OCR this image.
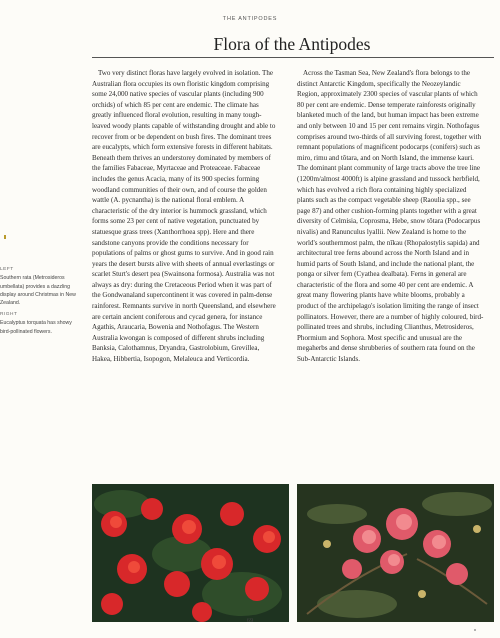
THE ANTIPODES
Flora of the Antipodes

Two very distinct floras have largely evolved in isolation. The Australian flora occupies its own floristic kingdom comprising some 24,000 native species of vascular plants (including 900 orchids) of which 85 per cent are endemic. The climate has greatly influenced floral evolution, resulting in many tough-leaved woody plants capable of withstanding drought and able to recover from or be dependent on bush fires. The dominant trees are eucalypts, which form extensive forests in different habitats. Beneath them thrives an understorey dominated by members of the families Fabaceae, Myrtaceae and Proteaceae. Fabaceae includes the genus Acacia, many of its 900 species forming woodland communities of their own, and of course the golden wattle (A. pycnantha) is the national floral emblem. A characteristic of the dry interior is hummock grassland, which forms some 23 per cent of native vegetation, punctuated by statuesque grass trees (Xanthorrhoea spp). Here and there sandstone canyons provide the conditions necessary for populations of palms or ghost gums to survive. And in good rain years the desert bursts alive with sheets of annual everlastings or scarlet Sturt's desert pea (Swainsona formosa). Australia was not always as dry: during the Cretaceous Period when it was part of the Gondwanaland supercontinent it was covered in palm-dense rainforest. Remnants survive in north Queensland, and elsewhere are certain ancient coniferous and cycad genera, for instance Agathis, Araucaria, Bowenia and Nothofagus. The Western Australia kwongan is composed of different shrubs including Banksia, Calothamnus, Dryandra, Gastrolobium, Grevillea, Hakea, Hibbertia, Isopogon, Melaleuca and Verticordia.

Across the Tasman Sea, New Zealand's flora belongs to the distinct Antarctic Kingdom, specifically the Neozeylandic Region, approximately 2300 species of vascular plants of which 80 per cent are endemic. Dense temperate rainforests originally blanketed much of the land, but human impact has been extreme and only between 10 and 15 per cent remains virgin. Nothofagus comprises around two-thirds of all surviving forest, together with remnant populations of magnificent podocarps (conifers) such as miro, rimu and tōtara, and on North Island, the immense kauri. The dominant plant community of large tracts above the tree line (1200m/almost 4000ft) is alpine grassland and tussock herbfield, which has evolved a rich flora containing highly specialized plants such as the compact vegetable sheep (Raoulia spp., see page 87) and other cushion-forming plants together with a great diversity of Celmisia, Coprosma, Hebe, snow tōtara (Podocarpus nivalis) and Ranunculus lyallii. New Zealand is home to the world's southernmost palm, the nīkau (Rhopalostylis sapida) and architectural tree ferns abound across the North Island and in humid parts of South Island, and include the national plant, the ponga or silver fern (Cyathea dealbata). Ferns in general are characteristic of the flora and some 40 per cent are endemic. A great many flowering plants have white blooms, probably a product of the archipelago's isolation limiting the range of insect pollinators. However, there are a number of highly coloured, bird-pollinated trees and shrubs, including Clianthus, Metrosideros, Phormium and Sophora. Most specific and unusual are the megaherbs and dense shrubberies of southern rata found on the Sub-Antarctic Islands.

LEFT
Southern rata (Metrosideros umbellata) provides a dazzling display around Christmas in New Zealand.
RIGHT
Eucalyptus torquata has showy bird-pollinated flowers.
69
